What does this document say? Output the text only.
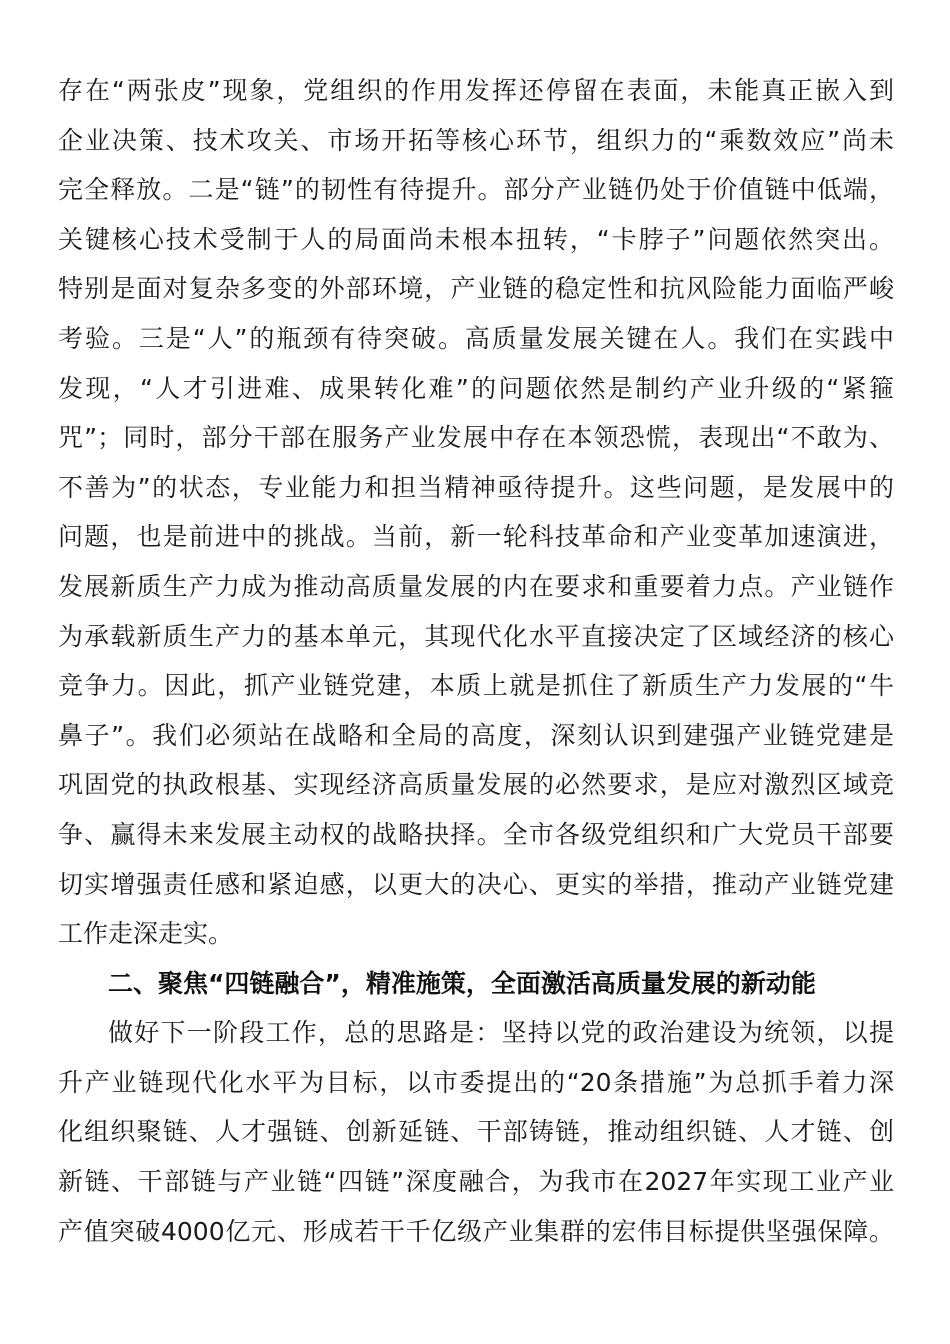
存在“两张皮”现象，党组织的作用发挥还停留在表面，未能真正嵌入到
企业决策、技术攻关、市场开拓等核心环节，组织力的“乘数效应”尚未
完全释放。二是“链”的韧性有待提升。部分产业链仍处于价值链中低端，
关键核心技术受制于人的局面尚未根本扭转，“卡脖子”问题依然突出。
特别是面对复杂多变的外部环境，产业链的稳定性和抗风险能力面临严峻
考验。三是“人”的瓶颈有待突破。高质量发展关键在人。我们在实践中
发现，“人才引进难、成果转化难”的问题依然是制约产业升级的“紧箍
咒”；同时，部分干部在服务产业发展中存在本领恐慌，表现出“不敢为、
不善为”的状态，专业能力和担当精神亟待提升。这些问题，是发展中的
问题，也是前进中的挑战。当前，新一轮科技革命和产业变革加速演进，
发展新质生产力成为推动高质量发展的内在要求和重要着力点。产业链作
为承载新质生产力的基本单元，其现代化水平直接决定了区域经济的核心
竞争力。因此，抓产业链党建，本质上就是抓住了新质生产力发展的“牛
鼻子”。我们必须站在战略和全局的高度，深刻认识到建强产业链党建是
巩固党的执政根基、实现经济高质量发展的必然要求，是应对激烈区域竞
争、赢得未来发展主动权的战略抉择。全市各级党组织和广大党员干部要
切实增强责任感和紧迫感，以更大的决心、更实的举措，推动产业链党建
工作走深走实。
二、聚焦“四链融合”，精准施策，全面激活高质量发展的新动能
做好下一阶段工作，总的思路是：坚持以党的政治建设为统领，以提
升产业链现代化水平为目标，以市委提出的“20条措施”为总抓手着力深
化组织聚链、人才强链、创新延链、干部铸链，推动组织链、人才链、创
新链、干部链与产业链“四链”深度融合，为我市在2027年实现工业产业
产值突破4000亿元、形成若干千亿级产业集群的宏伟目标提供坚强保障。
